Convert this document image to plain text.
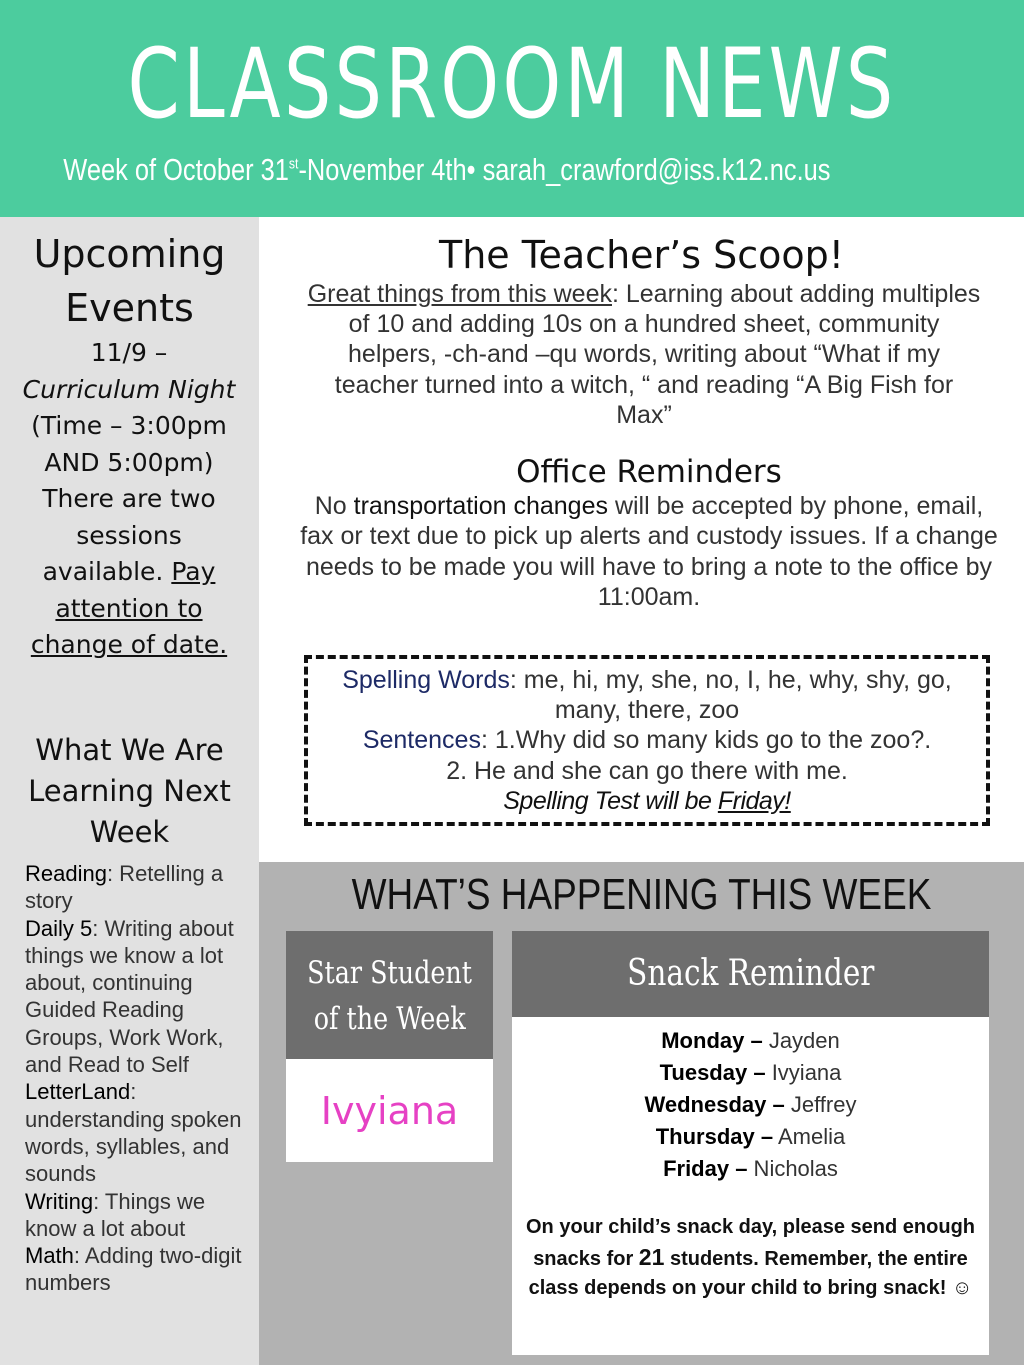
CLASSROOM NEWS
Week of October 31st-November 4th• sarah_crawford@iss.k12.nc.us
Upcoming
Events
11/9 –
Curriculum Night (Time – 3:00pm AND 5:00pm) There are two sessions available. Pay attention to change of date.
What We Are Learning Next Week
Reading: Retelling a story
Daily 5: Writing about things we know a lot about, continuing Guided Reading Groups, Work Work, and Read to Self
LetterLand: understanding spoken words, syllables, and sounds
Writing: Things we know a lot about
Math: Adding two-digit numbers
The Teacher’s Scoop!
Great things from this week: Learning about adding multiples of 10 and adding 10s on a hundred sheet, community helpers, -ch-and –qu words, writing about “What if my teacher turned into a witch, “ and reading “A Big Fish for Max”
Office Reminders
No transportation changes will be accepted by phone, email, fax or text due to pick up alerts and custody issues. If a change needs to be made you will have to bring a note to the office by 11:00am.
Spelling Words: me, hi, my, she, no, I, he, why, shy, go, many, there, zoo
Sentences: 1.Why did so many kids go to the zoo?.
2. He and she can go there with me.
Spelling Test will be Friday!
WHAT’S HAPPENING THIS WEEK
Star Student
of the Week
Ivyiana
Snack Reminder
Monday – Jayden
Tuesday – Ivyiana
Wednesday – Jeffrey
Thursday – Amelia
Friday – Nicholas
On your child’s snack day, please send enough snacks for 21 students. Remember, the entire class depends on your child to bring snack! ☺
